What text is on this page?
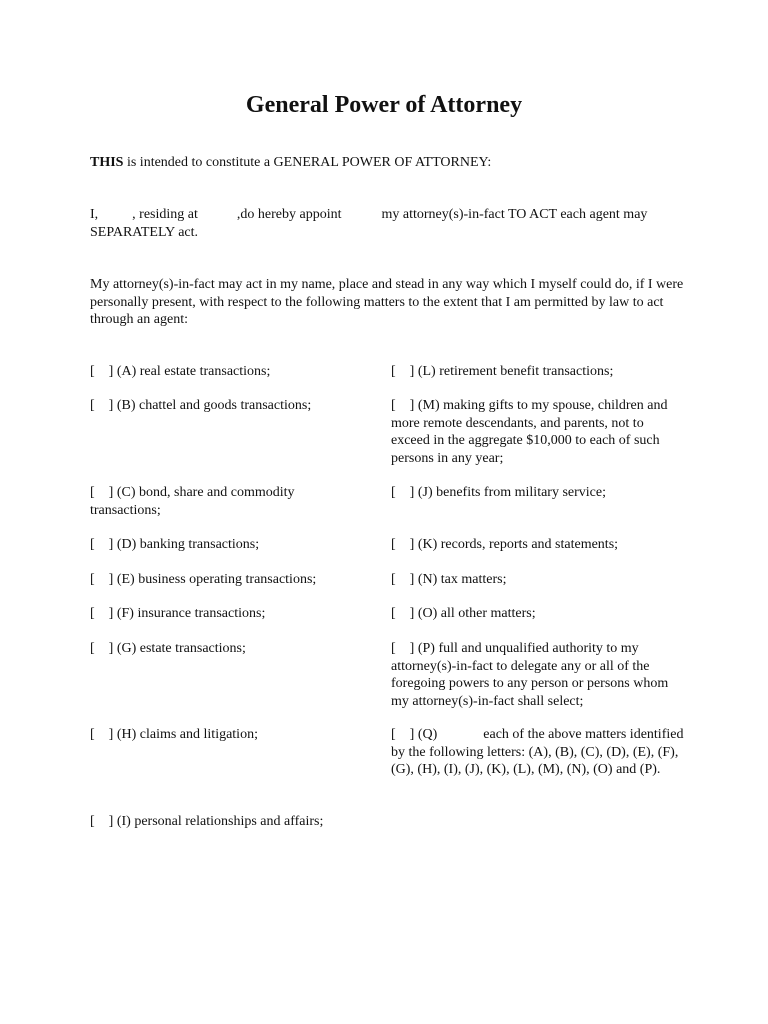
General Power of Attorney
THIS is intended to constitute a GENERAL POWER OF ATTORNEY:
I, , residing at	,do hereby appoint	my attorney(s)-in-fact TO ACT each agent may SEPARATELY act.
My attorney(s)-in-fact may act in my name, place and stead in any way which I myself could do, if I were personally present, with respect to the following matters to the extent that I am permitted by law to act through an agent:
[    ] (A) real estate transactions;
[    ] (B) chattel and goods transactions;
[    ] (C) bond, share and commodity transactions;
[    ] (D) banking transactions;
[    ] (E) business operating transactions;
[    ] (F) insurance transactions;
[    ] (G) estate transactions;
[    ] (H) claims and litigation;
[    ] (I) personal relationships and affairs;
[    ] (L) retirement benefit transactions;
[    ] (M) making gifts to my spouse, children and more remote descendants, and parents, not to exceed in the aggregate $10,000 to each of such persons in any year;
[    ] (J) benefits from military service;
[    ] (K) records, reports and statements;
[    ] (N) tax matters;
[    ] (O) all other matters;
[    ] (P) full and unqualified authority to my attorney(s)-in-fact to delegate any or all of the foregoing powers to any person or persons whom my attorney(s)-in-fact shall select;
[    ] (Q)	each of the above matters identified by the following letters: (A), (B), (C), (D), (E), (F), (G), (H), (I), (J), (K), (L), (M), (N), (O) and (P).
